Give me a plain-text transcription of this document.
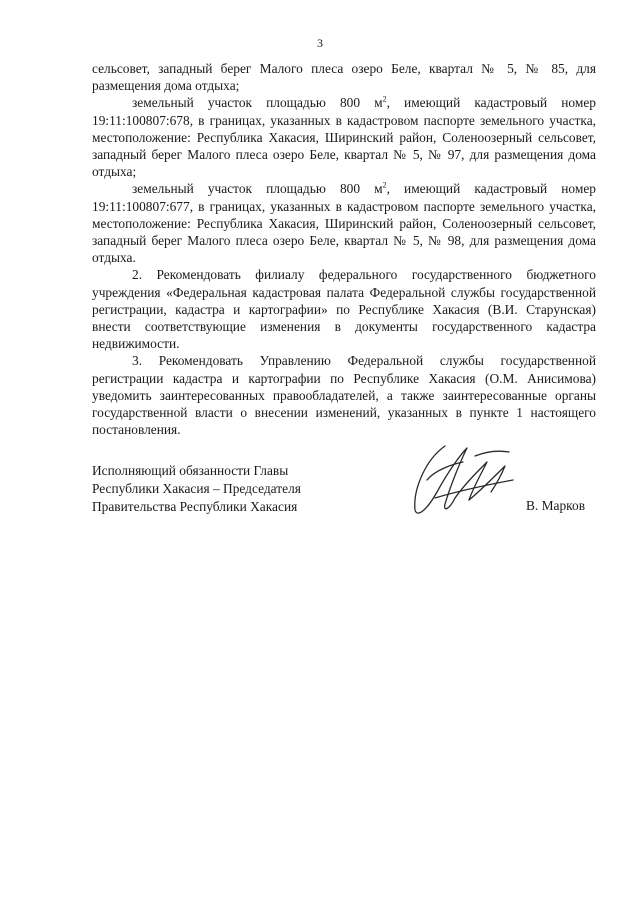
3

сельсовет, западный берег Малого плеса озеро Беле, квартал № 5, № 85, для размещения дома отдыха;

земельный участок площадью 800 $м^2$, имеющий кадастровый номер 19:11:100807:678, в границах, указанных в кадастровом паспорте земельного участка, местоположение: Республика Хакасия, Ширинский район, Соленоозерный сельсовет, западный берег Малого плеса озеро Беле, квартал № 5, № 97, для размещения дома отдыха;

земельный участок площадью 800 $м^2$, имеющий кадастровый номер 19:11:100807:677, в границах, указанных в кадастровом паспорте земельного участка, местоположение: Республика Хакасия, Ширинский район, Соленоозерный сельсовет, западный берег Малого плеса озеро Беле, квартал № 5, № 98, для размещения дома отдыха.

2. Рекомендовать филиалу федерального государственного бюджетного учреждения «Федеральная кадастровая палата Федеральной службы государственной регистрации, кадастра и картографии» по Республике Хакасия (В.И. Старунская) внести соответствующие изменения в документы государственного кадастра недвижимости.

3. Рекомендовать Управлению Федеральной службы государственной регистрации кадастра и картографии по Республике Хакасия (О.М. Анисимова) уведомить заинтересованных правообладателей, а также заинтересованные органы государственной власти о внесении изменений, указанных в пункте 1 настоящего постановления.

Исполняющий обязанности Главы
Республики Хакасия – Председателя
Правительства Республики Хакасия	В. Марков
